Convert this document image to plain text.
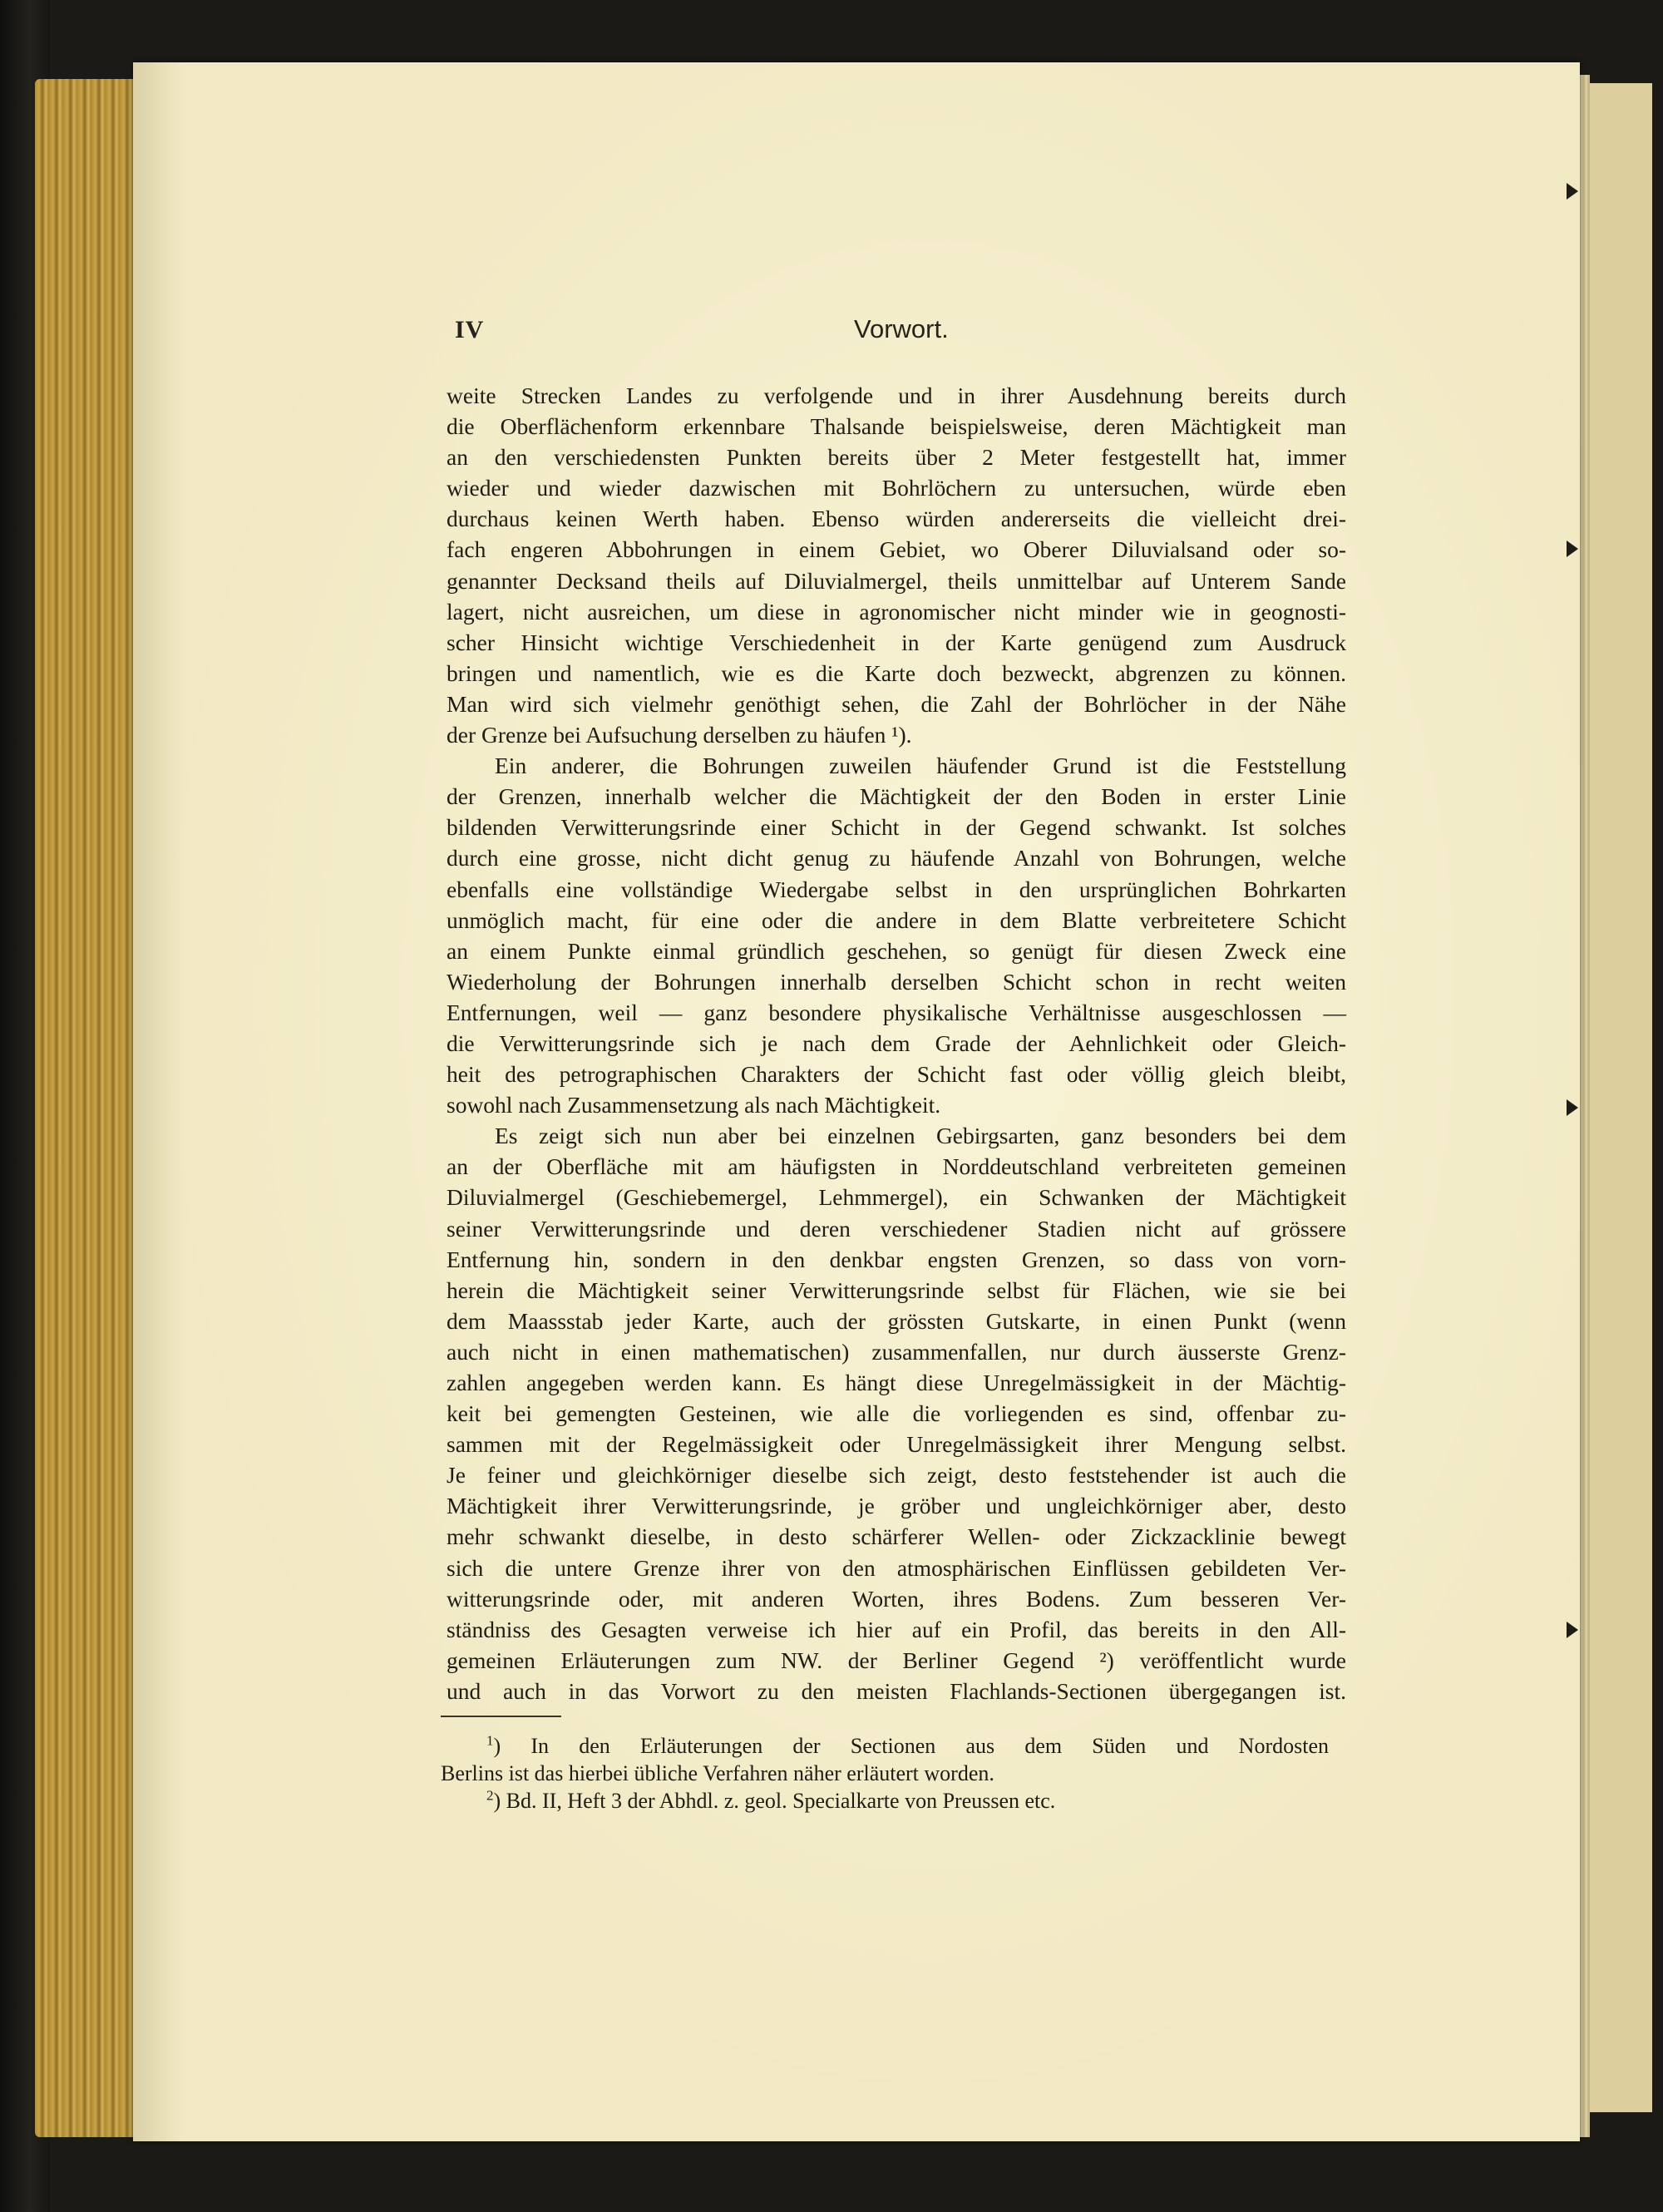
IV	Vorwort.
weite Strecken Landes zu verfolgende und in ihrer Ausdehnung bereits durch
die Oberflächenform erkennbare Thalsande beispielsweise, deren Mächtigkeit man
an den verschiedensten Punkten bereits über 2 Meter festgestellt hat, immer
wieder und wieder dazwischen mit Bohrlöchern zu untersuchen, würde eben
durchaus keinen Werth haben. Ebenso würden andererseits die vielleicht drei-
fach engeren Abbohrungen in einem Gebiet, wo Oberer Diluvialsand oder so-
genannter Decksand theils auf Diluvialmergel, theils unmittelbar auf Unterem Sande
lagert, nicht ausreichen, um diese in agronomischer nicht minder wie in geognosti-
scher Hinsicht wichtige Verschiedenheit in der Karte genügend zum Ausdruck
bringen und namentlich, wie es die Karte doch bezweckt, abgrenzen zu können.
Man wird sich vielmehr genöthigt sehen, die Zahl der Bohrlöcher in der Nähe
der Grenze bei Aufsuchung derselben zu häufen ¹).
Ein anderer, die Bohrungen zuweilen häufender Grund ist die Feststellung
der Grenzen, innerhalb welcher die Mächtigkeit der den Boden in erster Linie
bildenden Verwitterungsrinde einer Schicht in der Gegend schwankt. Ist solches
durch eine grosse, nicht dicht genug zu häufende Anzahl von Bohrungen, welche
ebenfalls eine vollständige Wiedergabe selbst in den ursprünglichen Bohrkarten
unmöglich macht, für eine oder die andere in dem Blatte verbreitetere Schicht
an einem Punkte einmal gründlich geschehen, so genügt für diesen Zweck eine
Wiederholung der Bohrungen innerhalb derselben Schicht schon in recht weiten
Entfernungen, weil — ganz besondere physikalische Verhältnisse ausgeschlossen —
die Verwitterungsrinde sich je nach dem Grade der Aehnlichkeit oder Gleich-
heit des petrographischen Charakters der Schicht fast oder völlig gleich bleibt,
sowohl nach Zusammensetzung als nach Mächtigkeit.
Es zeigt sich nun aber bei einzelnen Gebirgsarten, ganz besonders bei dem
an der Oberfläche mit am häufigsten in Norddeutschland verbreiteten gemeinen
Diluvialmergel (Geschiebemergel, Lehmmergel), ein Schwanken der Mächtigkeit
seiner Verwitterungsrinde und deren verschiedener Stadien nicht auf grössere
Entfernung hin, sondern in den denkbar engsten Grenzen, so dass von vorn-
herein die Mächtigkeit seiner Verwitterungsrinde selbst für Flächen, wie sie bei
dem Maassstab jeder Karte, auch der grössten Gutskarte, in einen Punkt (wenn
auch nicht in einen mathematischen) zusammenfallen, nur durch äusserste Grenz-
zahlen angegeben werden kann. Es hängt diese Unregelmässigkeit in der Mächtig-
keit bei gemengten Gesteinen, wie alle die vorliegenden es sind, offenbar zu-
sammen mit der Regelmässigkeit oder Unregelmässigkeit ihrer Mengung selbst.
Je feiner und gleichkörniger dieselbe sich zeigt, desto feststehender ist auch die
Mächtigkeit ihrer Verwitterungsrinde, je gröber und ungleichkörniger aber, desto
mehr schwankt dieselbe, in desto schärferer Wellen- oder Zickzacklinie bewegt
sich die untere Grenze ihrer von den atmosphärischen Einflüssen gebildeten Ver-
witterungsrinde oder, mit anderen Worten, ihres Bodens. Zum besseren Ver-
ständniss des Gesagten verweise ich hier auf ein Profil, das bereits in den All-
gemeinen Erläuterungen zum NW. der Berliner Gegend ²) veröffentlicht wurde
und auch in das Vorwort zu den meisten Flachlands-Sectionen übergegangen ist.
$^1$) In den Erläuterungen der Sectionen aus dem Süden und Nordosten
Berlins ist das hierbei übliche Verfahren näher erläutert worden.
$^2$) Bd. II, Heft 3 der Abhdl. z. geol. Specialkarte von Preussen etc.
